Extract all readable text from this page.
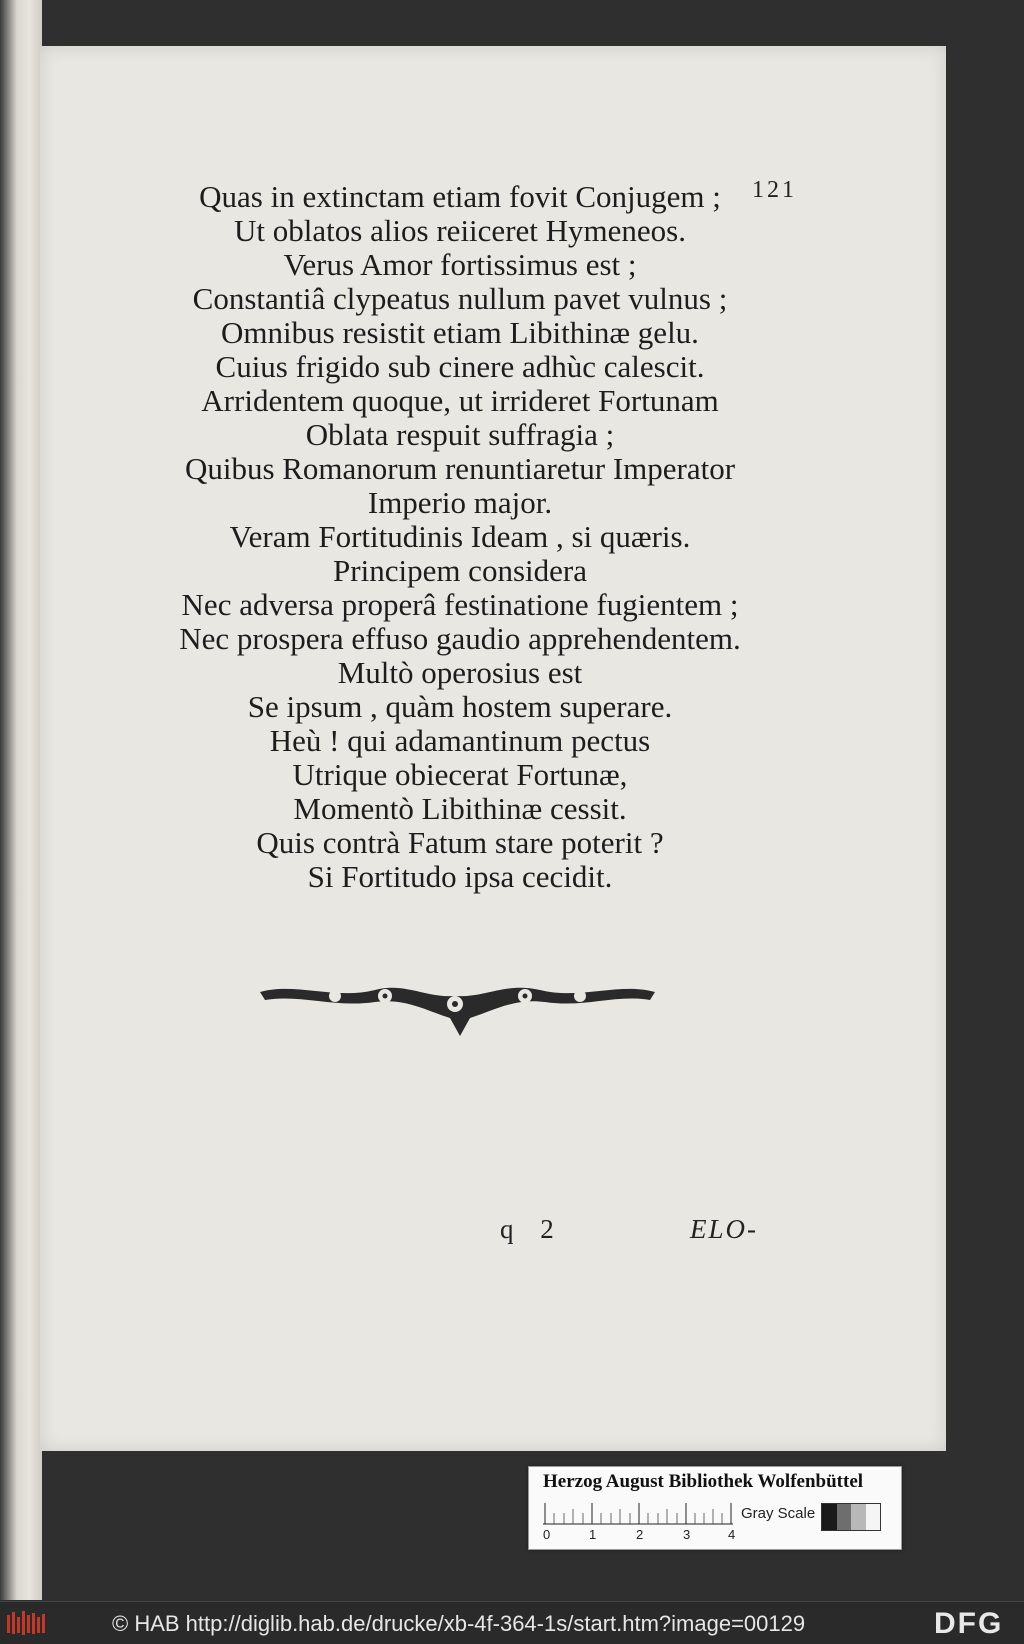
121
Quas in extinctam etiam fovit Conjugem ;
Ut oblatos alios reiiceret Hymeneos.
Verus Amor fortissimus est ;
Constantiâ clypeatus nullum pavet vulnus ;
Omnibus resistit etiam Libithinæ gelu.
Cuius frigido sub cinere adhùc calescit.
Arridentem quoque, ut irrideret Fortunam
Oblata respuit suffragia ;
Quibus Romanorum renuntiaretur Imperator
Imperio major.
Veram Fortitudinis Ideam , si quæris.
Principem considera
Nec adversa properâ festinatione fugientem ;
Nec prospera effuso gaudio apprehendentem.
Multò operosius est
Se ipsum , quàm hostem superare.
Heù ! qui adamantinum pectus
Utrique obiecerat Fortunæ,
Momentò Libithinæ cessit.
Quis contrà Fatum stare poterit ?
Si Fortitudo ipsa cecidit.
q 2	ELO-
Herzog August Bibliothek Wolfenbüttel
0	1	2	3	4
Gray Scale
© HAB http://diglib.hab.de/drucke/xb-4f-364-1s/start.htm?image=00129	DFG
